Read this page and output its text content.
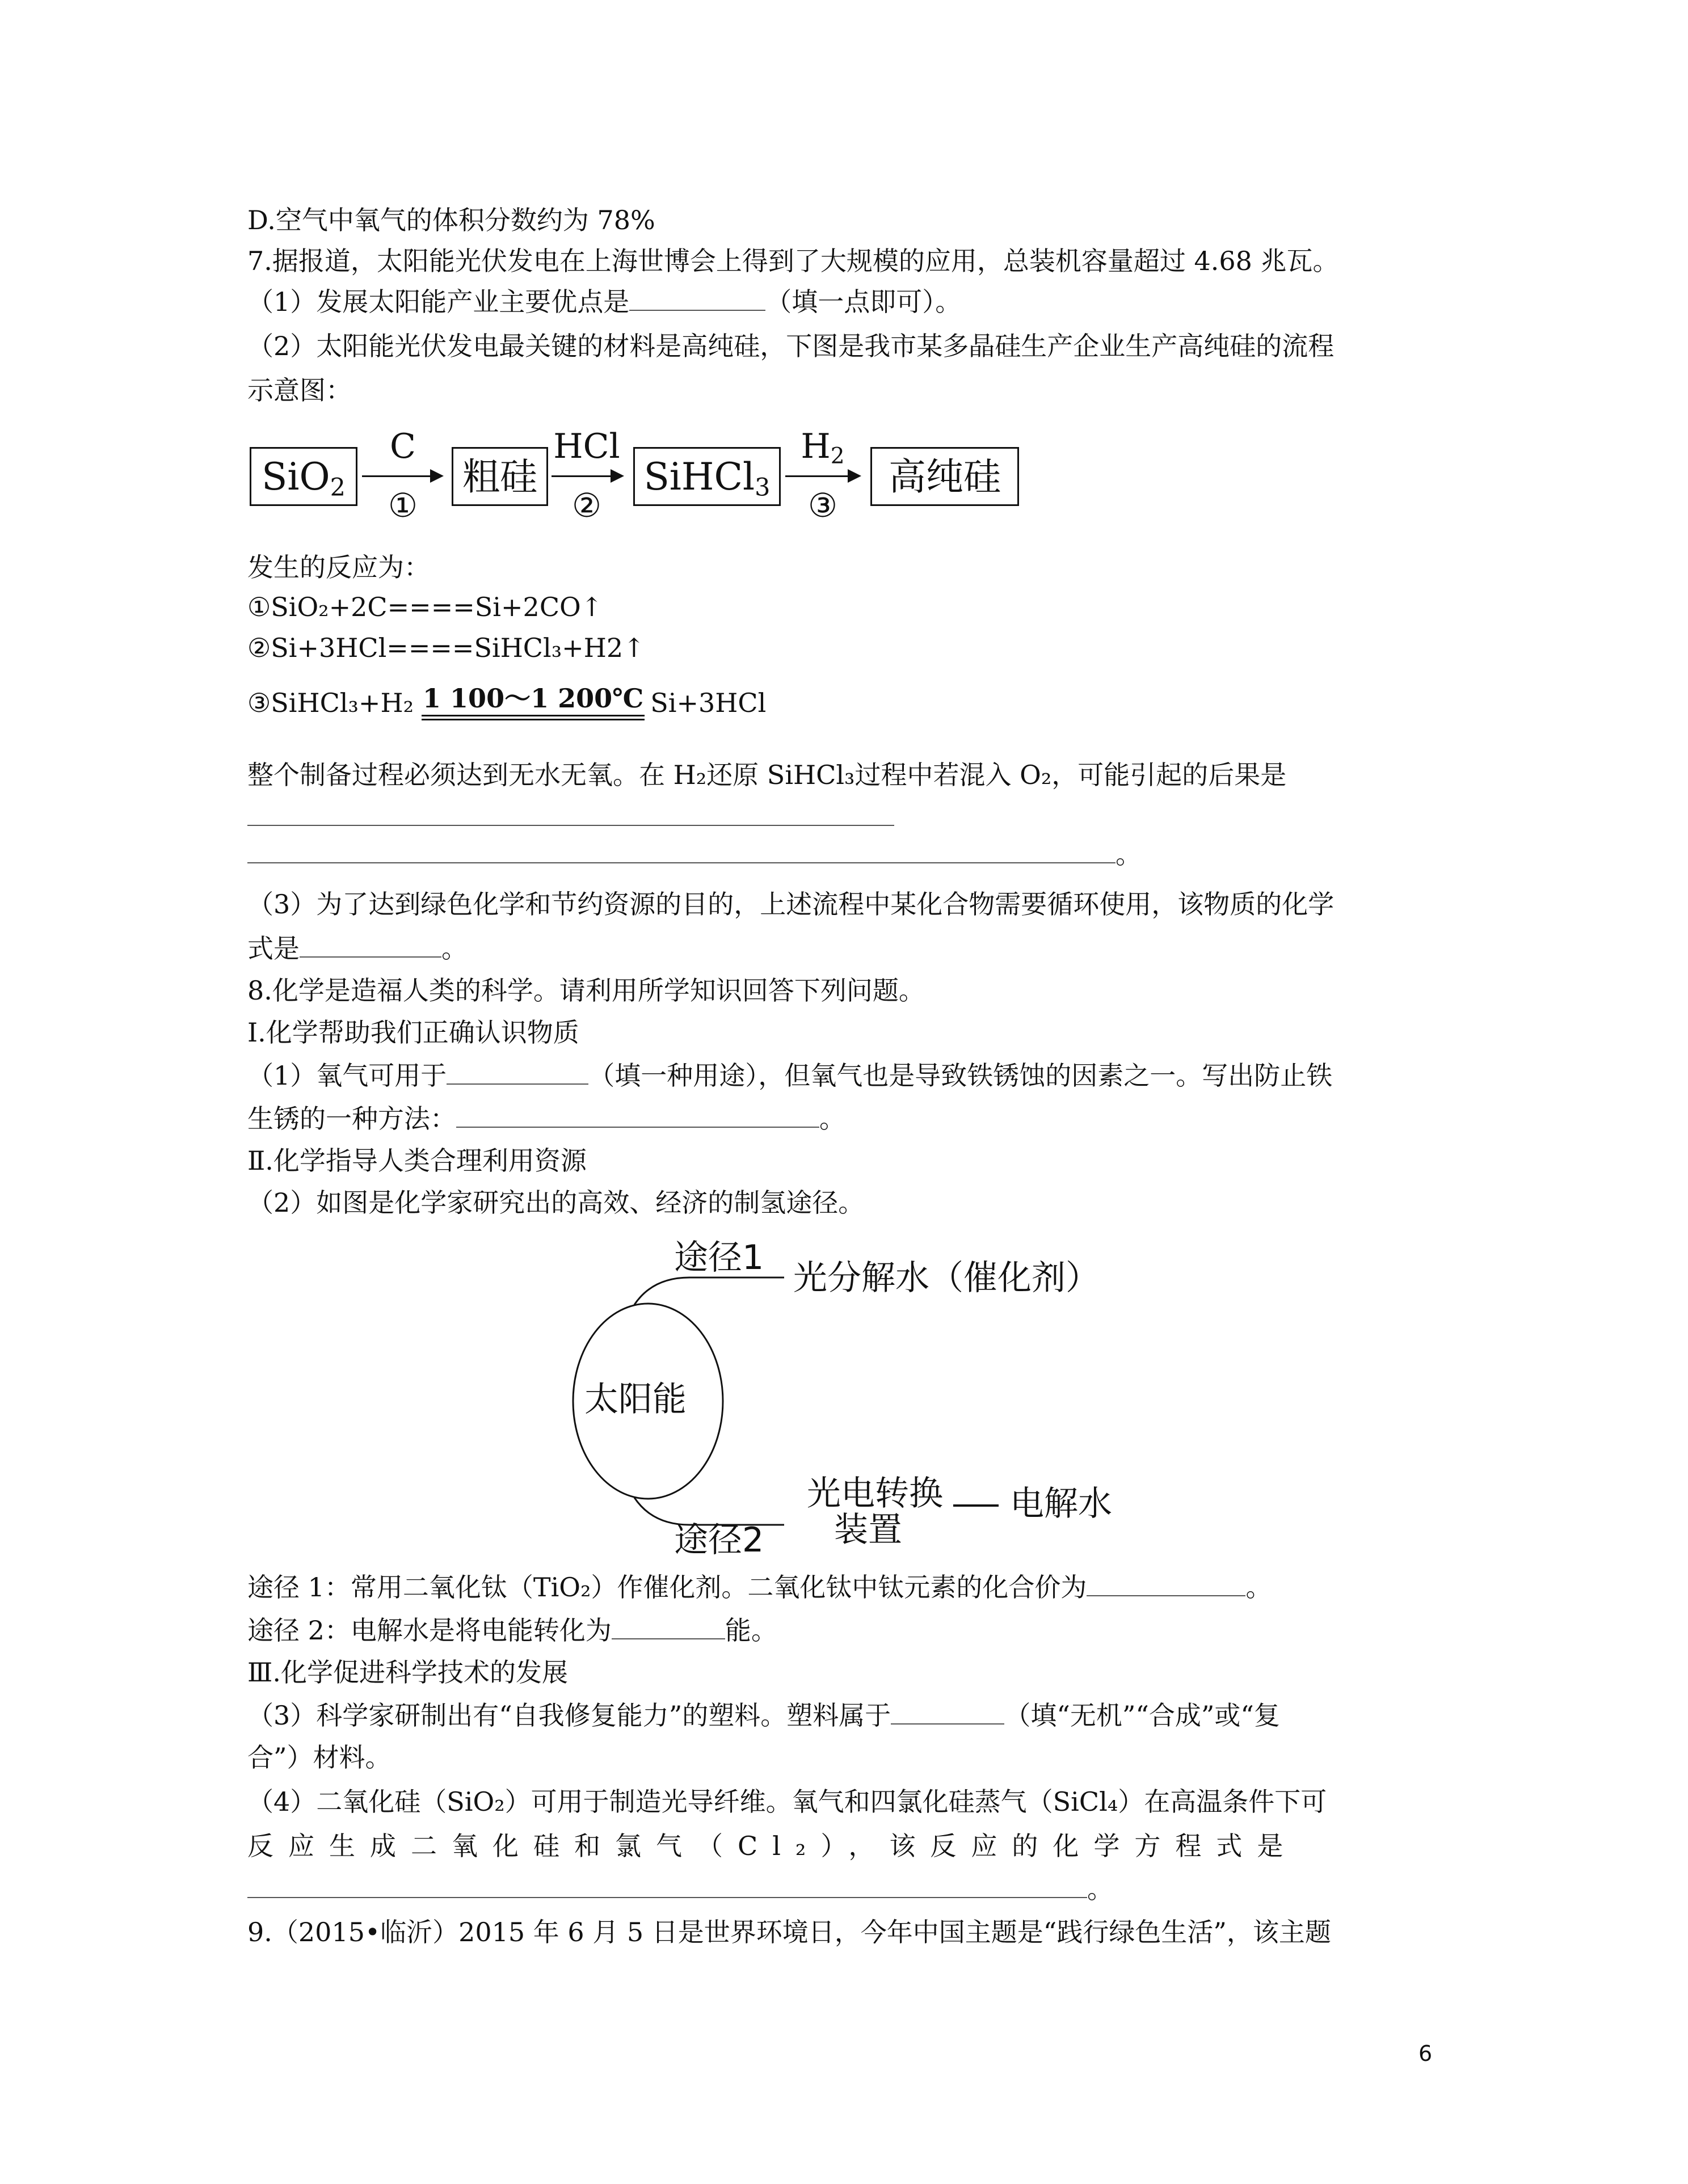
D.空气中氧气的体积分数约为 78%
7.据报道，太阳能光伏发电在上海世博会上得到了大规模的应用，总装机容量超过 4.68 兆瓦。
（1）发展太阳能产业主要优点是	（填一点即可）。
（2）太阳能光伏发电最关键的材料是高纯硅，下图是我市某多晶硅生产企业生产高纯硅的流程
示意图：
SiO$_2$
C
①
粗硅
HCl
②
SiHCl$_3$
$H_2$
③
高纯硅
发生的反应为：
①SiO₂+2C====Si+2CO↑
②Si+3HCl====SiHCl₃+H2↑
③SiHCl₃+H₂ 1 100～1 200℃ Si+3HCl
整个制备过程必须达到无水无氧。在 H₂还原 SiHCl₃过程中若混入 O₂，可能引起的后果是
。
（3）为了达到绿色化学和节约资源的目的，上述流程中某化合物需要循环使用，该物质的化学
式是	。
8.化学是造福人类的科学。请利用所学知识回答下列问题。
Ⅰ.化学帮助我们正确认识物质
（1）氧气可用于	（填一种用途），但氧气也是导致铁锈蚀的因素之一。写出防止铁
生锈的一种方法：	。
Ⅱ.化学指导人类合理利用资源
（2）如图是化学家研究出的高效、经济的制氢途径。
太阳能
途径1
光分解水（催化剂）
途径2
光电转换
装置
电解水
途径 1：常用二氧化钛（TiO₂）作催化剂。二氧化钛中钛元素的化合价为	。
途径 2：电解水是将电能转化为	能。
Ⅲ.化学促进科学技术的发展
（3）科学家研制出有“自我修复能力”的塑料。塑料属于	（填“无机”“合成”或“复
合”）材料。
（4）二氧化硅（SiO₂）可用于制造光导纤维。氧气和四氯化硅蒸气（SiCl₄）在高温条件下可
反应生成二氧化硅和氯气（Cl₂），该反应的化学方程式是
。
9.（2015•临沂）2015 年 6 月 5 日是世界环境日，今年中国主题是“践行绿色生活”，该主题
6
